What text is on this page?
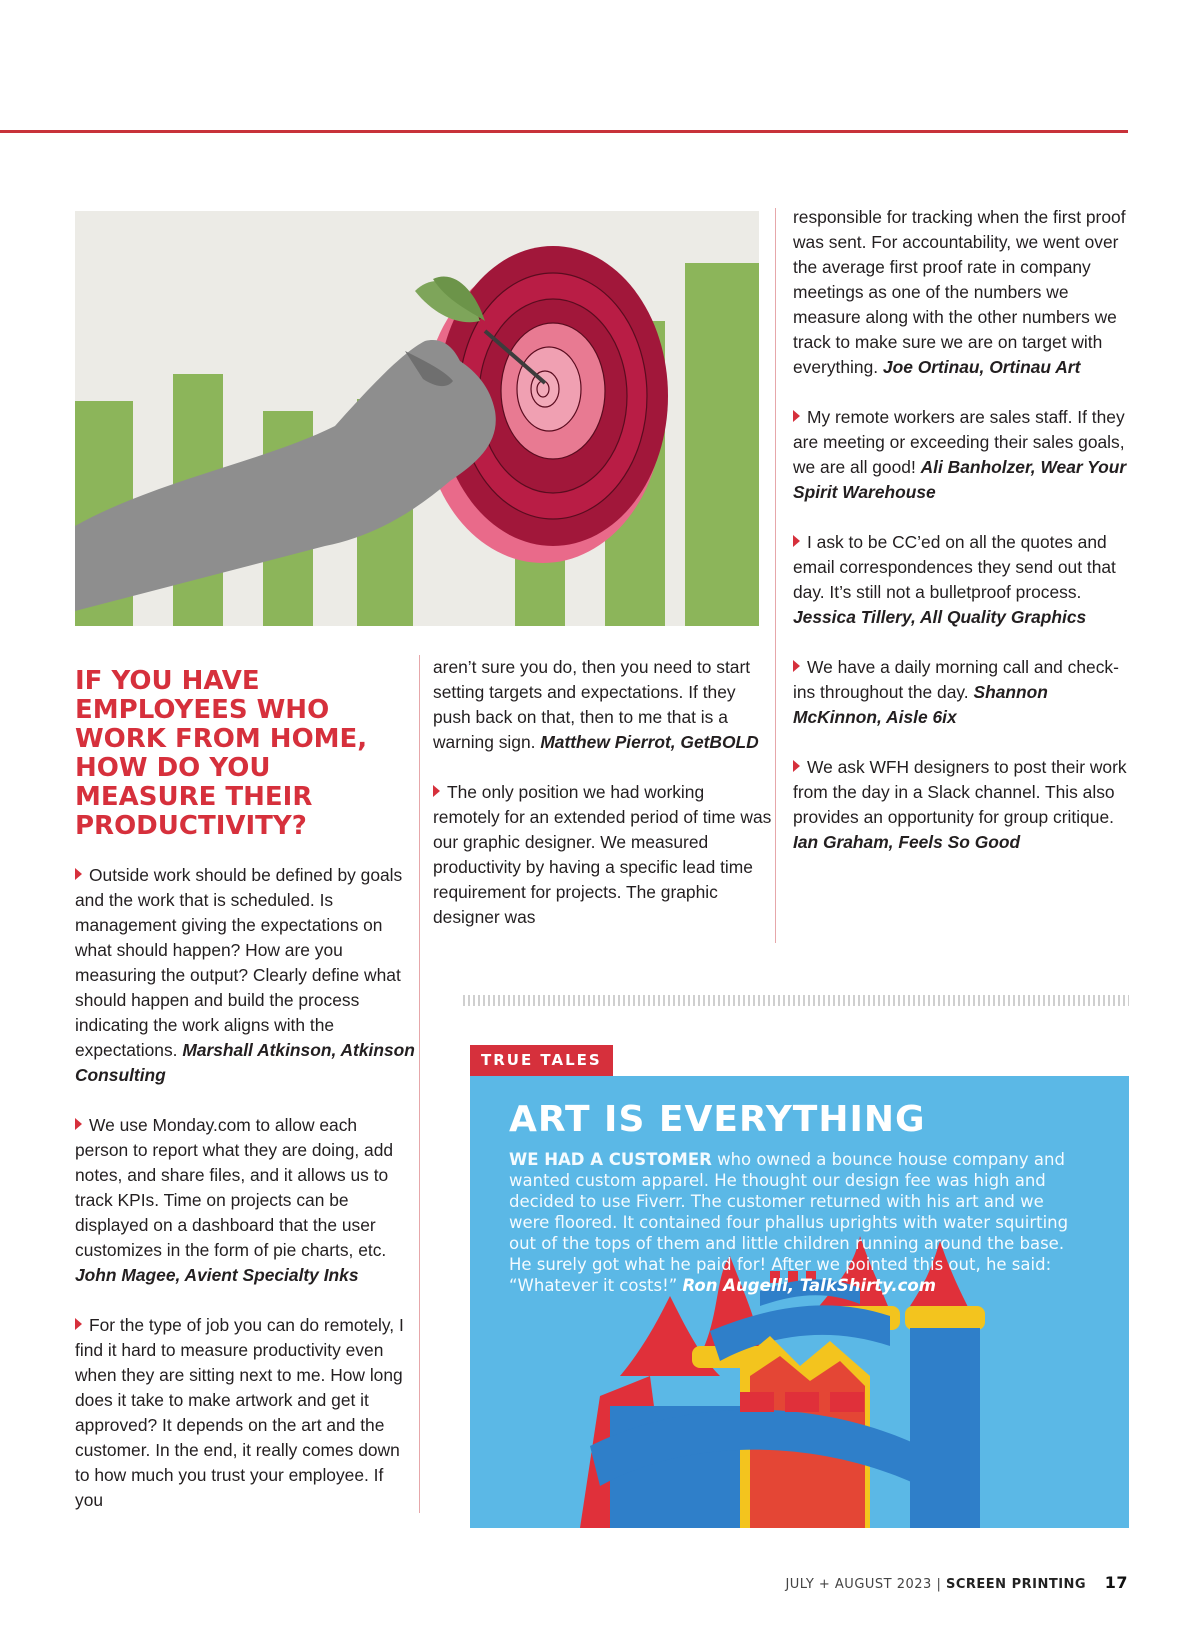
IF YOU HAVE EMPLOYEES WHO WORK FROM HOME, HOW DO YOU MEASURE THEIR PRODUCTIVITY?

Outside work should be defined by goals and the work that is scheduled. Is management giving the expectations on what should happen? How are you measuring the output? Clearly define what should happen and build the process indicating the work aligns with the expectations. Marshall Atkinson, Atkinson Consulting

We use Monday.com to allow each person to report what they are doing, add notes, and share files, and it allows us to track KPIs. Time on projects can be displayed on a dashboard that the user customizes in the form of pie charts, etc. John Magee, Avient Specialty Inks

For the type of job you can do remotely, I find it hard to measure productivity even when they are sitting next to me. How long does it take to make artwork and get it approved? It depends on the art and the customer. In the end, it really comes down to how much you trust your employee. If you

aren’t sure you do, then you need to start setting targets and expectations. If they push back on that, then to me that is a warning sign. Matthew Pierrot, GetBOLD

The only position we had working remotely for an extended period of time was our graphic designer. We measured productivity by having a specific lead time requirement for projects. The graphic designer was

responsible for tracking when the first proof was sent. For accountability, we went over the average first proof rate in company meetings as one of the numbers we measure along with the other numbers we track to make sure we are on target with everything. Joe Ortinau, Ortinau Art

My remote workers are sales staff. If they are meeting or exceeding their sales goals, we are all good! Ali Banholzer, Wear Your Spirit Warehouse

I ask to be CC’ed on all the quotes and email correspondences they send out that day. It’s still not a bulletproof process. Jessica Tillery, All Quality Graphics

We have a daily morning call and check-ins throughout the day. Shannon McKinnon, Aisle 6ix

We ask WFH designers to post their work from the day in a Slack channel. This also provides an opportunity for group critique. Ian Graham, Feels So Good

TRUE TALES
ART IS EVERYTHING
WE HAD A CUSTOMER who owned a bounce house company and wanted custom apparel. He thought our design fee was high and decided to use Fiverr. The customer returned with his art and we were floored. It contained four phallus uprights with water squirting out of the tops of them and little children running around the base. He surely got what he paid for! After we pointed this out, he said: “Whatever it costs!” Ron Augelli, TalkShirty.com
JULY + AUGUST 2023 | SCREEN PRINTING 17
